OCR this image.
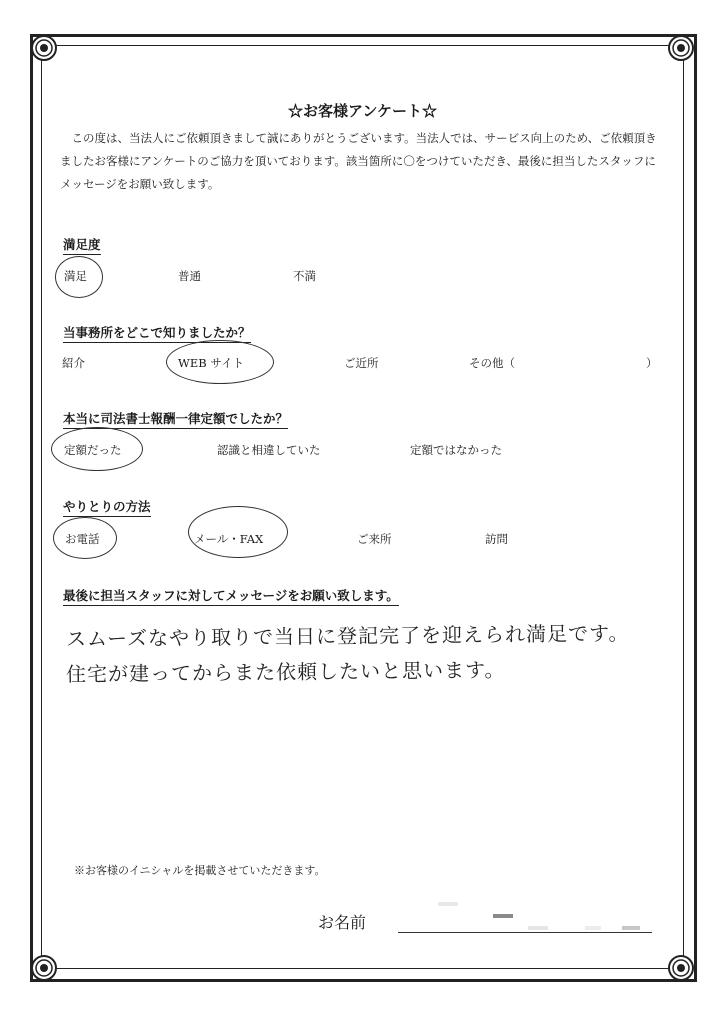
☆お客様アンケート☆
この度は、当法人にご依頼頂きまして誠にありがとうございます。当法人では、サービス向上のため、ご依頼頂きましたお客様にアンケートのご協力を頂いております。該当箇所に〇をつけていただき、最後に担当したスタッフにメッセージをお願い致します。
満足度
満足	普通	不満
当事務所をどこで知りましたか？
紹介	WEB サイト	ご近所	その他（	）
本当に司法書士報酬一律定額でしたか？
定額だった	認識と相違していた	定額ではなかった
やりとりの方法
お電話	メール・FAX	ご来所	訪問
最後に担当スタッフに対してメッセージをお願い致します。
スムーズなやり取りで当日に登記完了を迎えられ満足です。
住宅が建ってからまた依頼したいと思います。
※お客様のイニシャルを掲載させていただきます。
お名前
